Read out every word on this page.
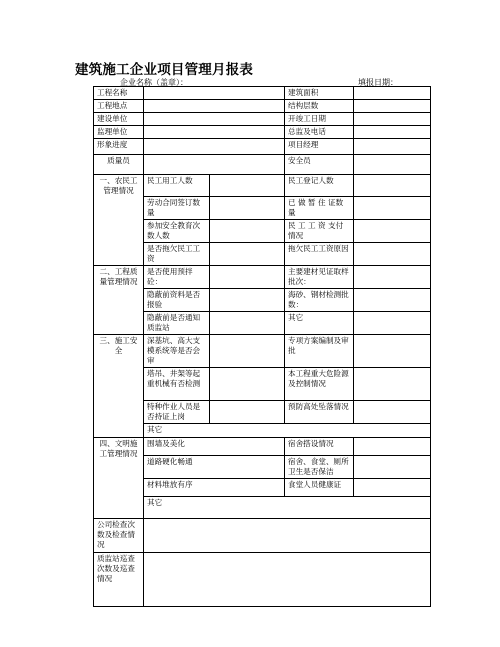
建筑施工企业项目管理月报表
企业名称（盖章）：	填报日期：
工程名称			建筑面积	
工程地点			结构层数	
建设单位			开竣工日期	
监理单位			总监及电话	
形象进度			项目经理	
质量员			安全员	
一、农民工管理情况	民工用工人数		民工登记人数	
	劳动合同签订数量		已 做 暂 住 证数量	
	参加安全教育次数人数		民 工 工 资 支付情况	
	是否拖欠民工工资		拖欠民工工资原因	
二、工程质量管理情况	是否使用预拌砼：		主要建材见证取样批次：	
	隐蔽前资料是否报验		海砂、钢材检测批数：	
	隐蔽前是否通知质监站		其它	
三、施工安全	深基坑、高大支模系统等是否会审		专项方案编制及审批	
	塔吊、井架等起重机械有否检测		本工程重大危险源及控制情况	
	特种作业人员是否持证上岗		预防高处坠落情况	
	其它			
四、文明施工管理情况	围墙及美化		宿舍搭设情况	
	道路硬化畅通		宿舍、食堂、厕所卫生是否保洁	
	材料堆放有序		食堂人员健康证	
	其它			
公司检查次数及检查情况				
质监站巡查次数及巡查情况				
